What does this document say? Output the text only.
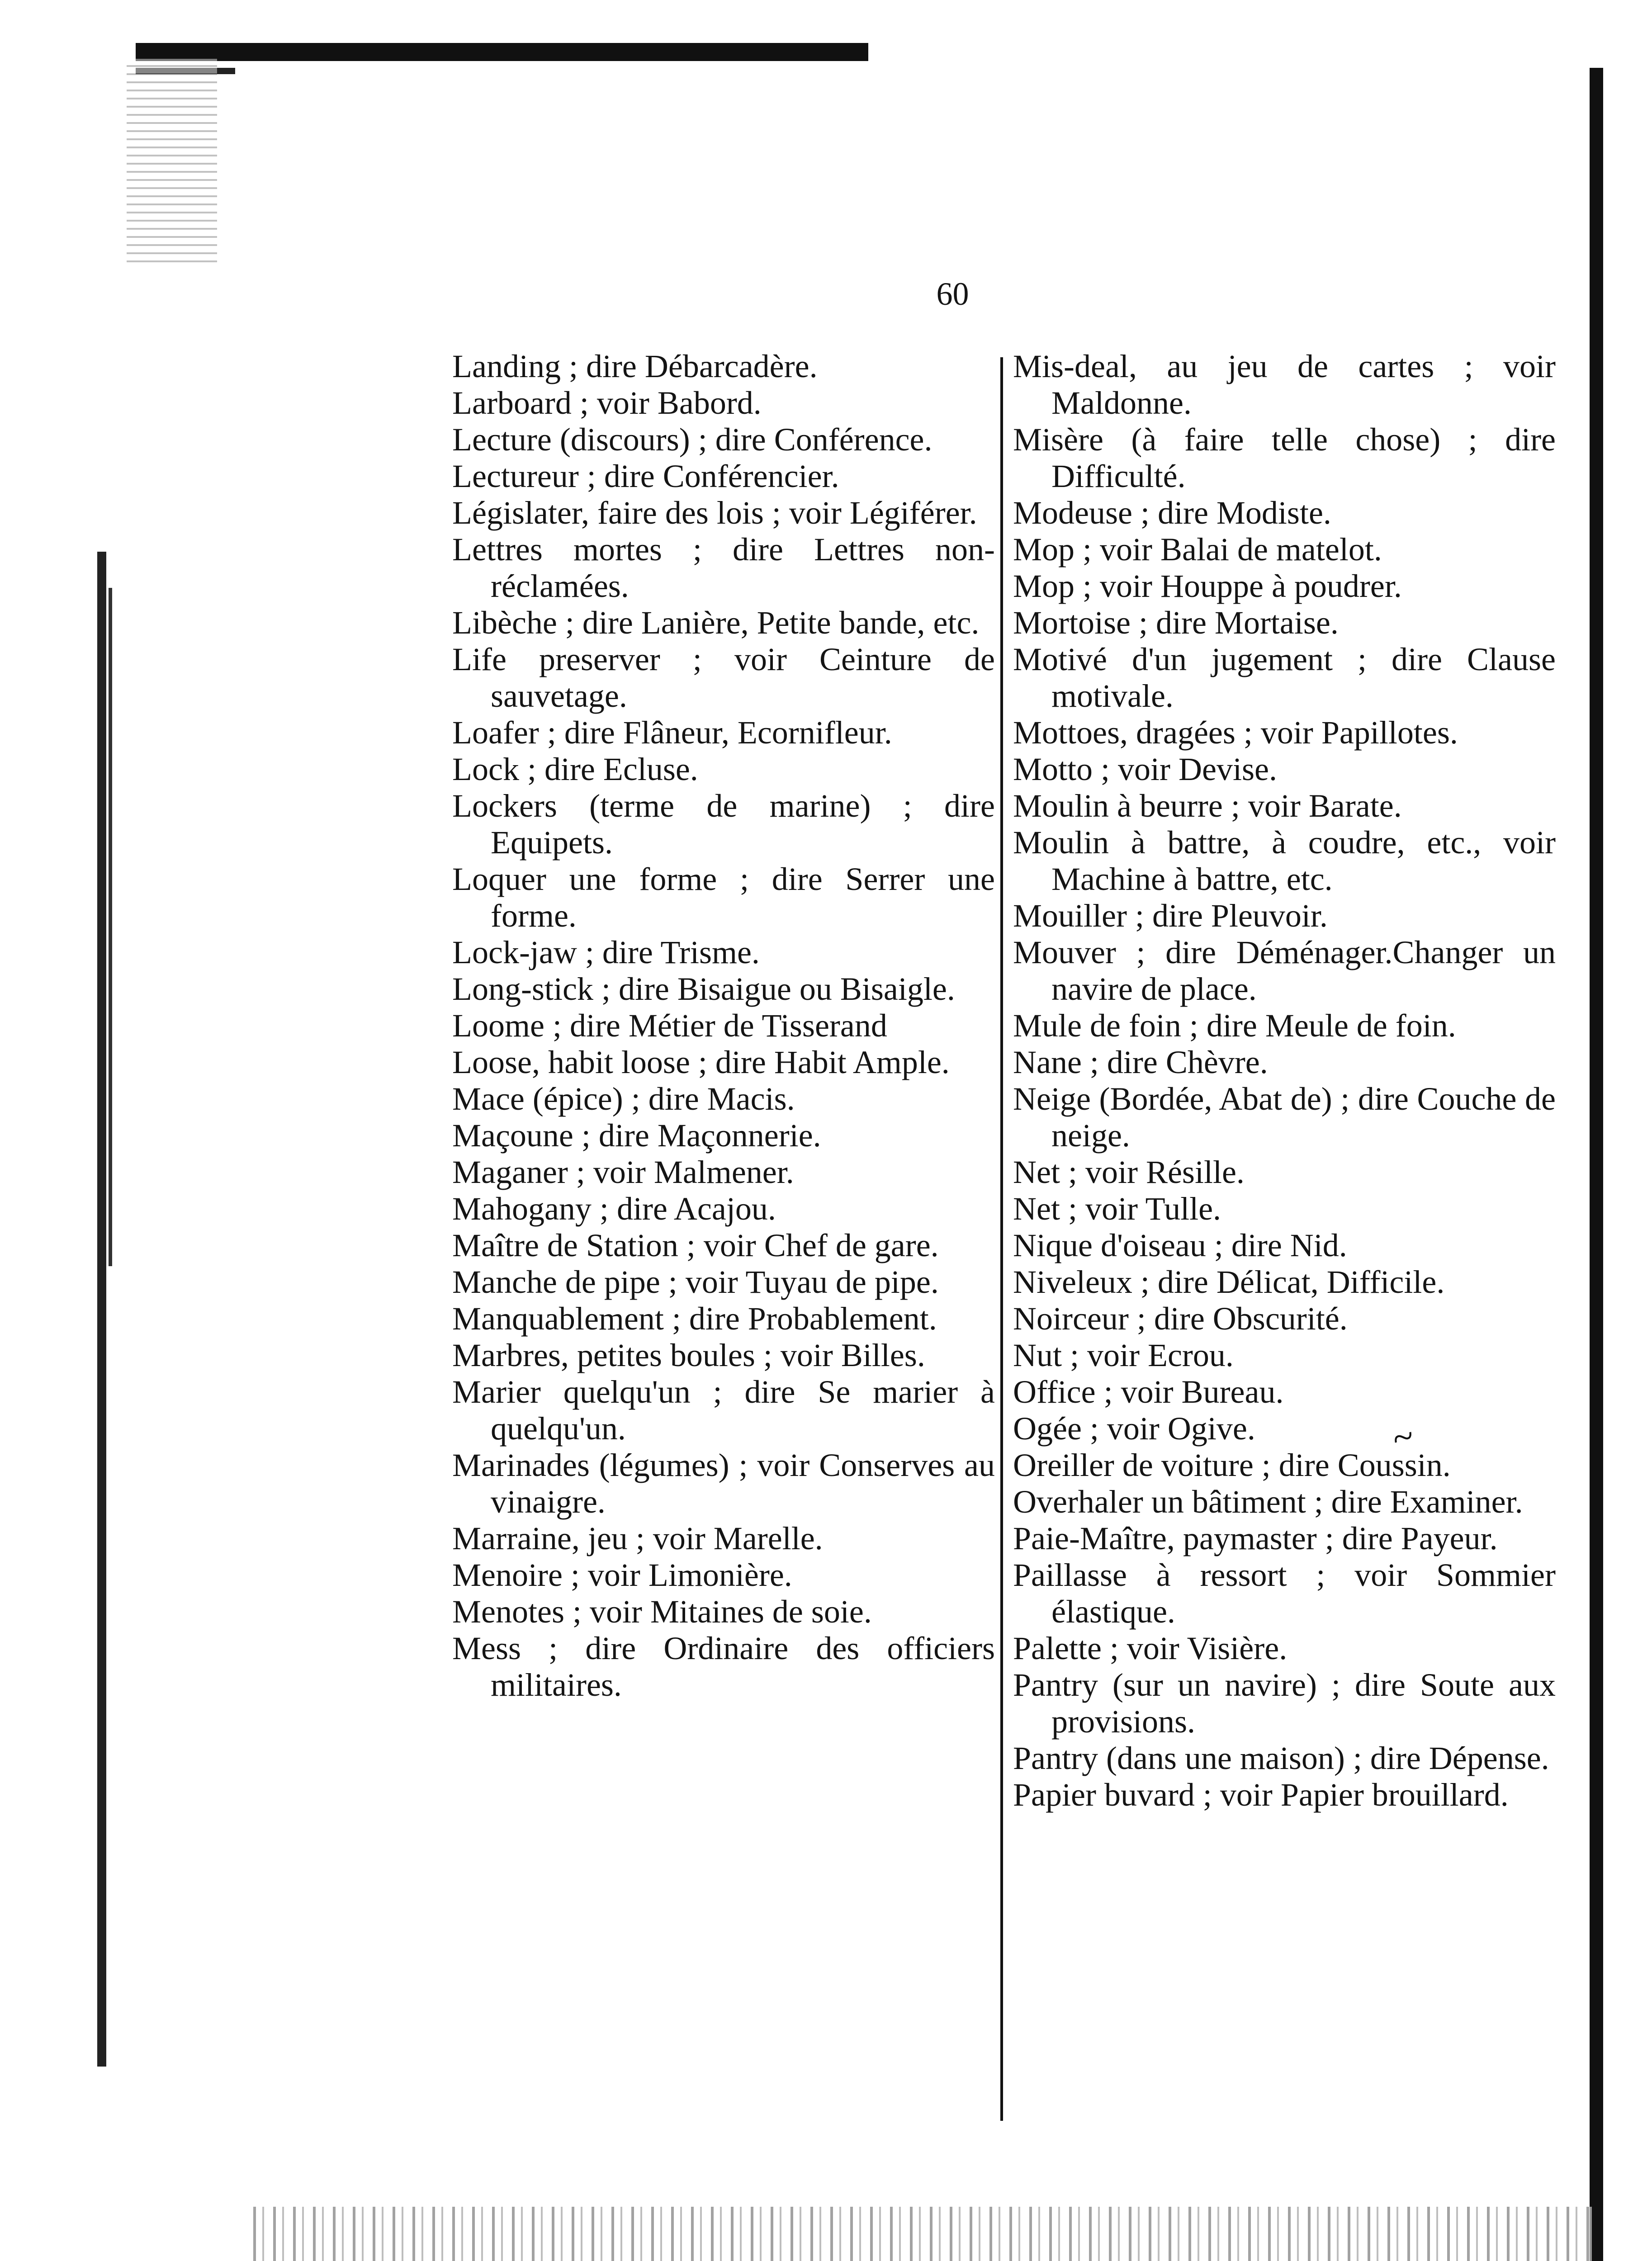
60

Landing ; dire Débarcadère.

Larboard ; voir Babord.

Lecture (discours) ; dire Conférence.

Lectureur ; dire Conférencier.

Législater, faire des lois ; voir Légiférer.

Lettres mortes ; dire Lettres non-réclamées.

Libèche ; dire Lanière, Petite bande, etc.

Life preserver ; voir Ceinture de sauvetage.

Loafer ; dire Flâneur, Ecornifleur.

Lock ; dire Ecluse.

Lockers (terme de marine) ; dire Equipets.

Loquer une forme ; dire Serrer une forme.

Lock-jaw ; dire Trisme.

Long-stick ; dire Bisaigue ou Bisaigle.

Loome ; dire Métier de Tisserand

Loose, habit loose ; dire Habit Ample.

Mace (épice) ; dire Macis.

Maçoune ; dire Maçonnerie.

Maganer ; voir Malmener.

Mahogany ; dire Acajou.

Maître de Station ; voir Chef de gare.

Manche de pipe ; voir Tuyau de pipe.

Manquablement ; dire Probablement.

Marbres, petites boules ; voir Billes.

Marier quelqu'un ; dire Se marier à quelqu'un.

Marinades (légumes) ; voir Conserves au vinaigre.

Marraine, jeu ; voir Marelle.

Menoire ; voir Limonière.

Menotes ; voir Mitaines de soie.

Mess ; dire Ordinaire des officiers militaires.

Mis-deal, au jeu de cartes ; voir Maldonne.

Misère (à faire telle chose) ; dire Difficulté.

Modeuse ; dire Modiste.

Mop ; voir Balai de matelot.

Mop ; voir Houppe à poudrer.

Mortoise ; dire Mortaise.

Motivé d'un jugement ; dire Clause motivale.

Mottoes, dragées ; voir Papillotes.

Motto ; voir Devise.

Moulin à beurre ; voir Barate.

Moulin à battre, à coudre, etc., voir Machine à battre, etc.

Mouiller ; dire Pleuvoir.

Mouver ; dire Déménager.Changer un navire de place.

Mule de foin ; dire Meule de foin.

Nane ; dire Chèvre.

Neige (Bordée, Abat de) ; dire Couche de neige.

Net ; voir Résille.

Net ; voir Tulle.

Nique d'oiseau ; dire Nid.

Niveleux ; dire Délicat, Difficile.

Noirceur ; dire Obscurité.

Nut ; voir Ecrou.

Office ; voir Bureau.

Ogée ; voir Ogive.

Oreiller de voiture ; dire Coussin.

Overhaler un bâtiment ; dire Examiner.

Paie-Maître, paymaster ; dire Payeur.

Paillasse à ressort ; voir Sommier élastique.

Palette ; voir Visière.

Pantry (sur un navire) ; dire Soute aux provisions.

Pantry (dans une maison) ; dire Dépense.

Papier buvard ; voir Papier brouillard.

~
